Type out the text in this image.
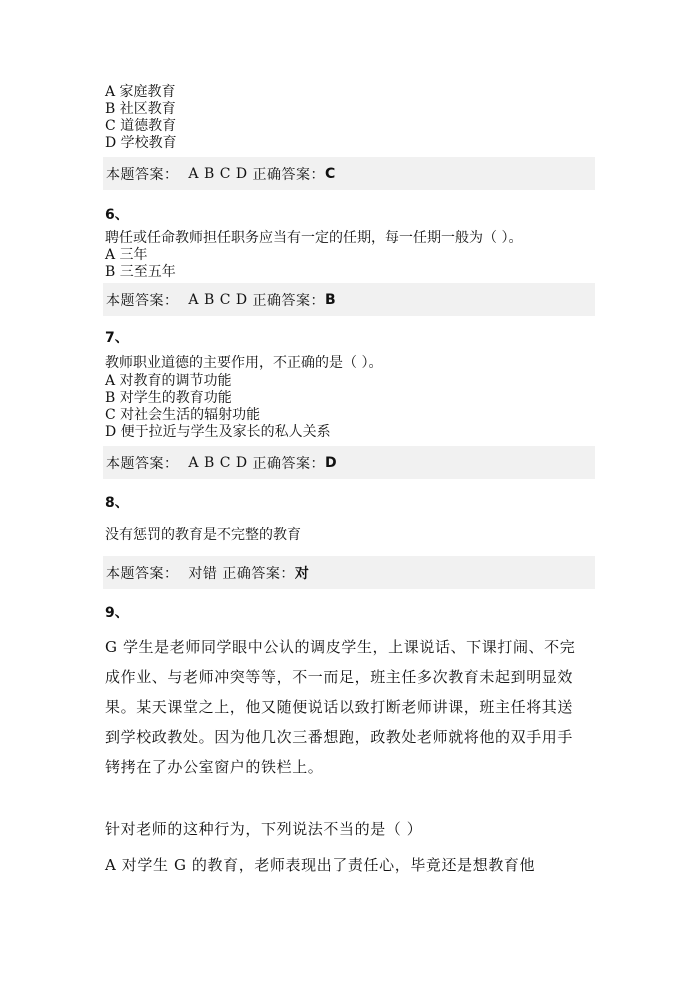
A 家庭教育
B 社区教育
C 道德教育
D 学校教育
本题答案：
A B C D
正确答案： C
6、
聘任或任命教师担任职务应当有一定的任期，每一任期一般为（ ）。
A 三年
B 三至五年
本题答案：
A B C D
正确答案： B
7、
教师职业道德的主要作用，不正确的是（ ）。
A 对教育的调节功能
B 对学生的教育功能
C 对社会生活的辐射功能
D 便于拉近与学生及家长的私人关系
本题答案：
A B C D
正确答案： D
8、
没有惩罚的教育是不完整的教育
本题答案：
对错
正确答案： 对
9、
G 学生是老师同学眼中公认的调皮学生，上课说话、下课打闹、不完
成作业、与老师冲突等等，不一而足，班主任多次教育未起到明显效
果。某天课堂之上，他又随便说话以致打断老师讲课，班主任将其送
到学校政教处。因为他几次三番想跑，政教处老师就将他的双手用手
铐拷在了办公室窗户的铁栏上。
针对老师的这种行为，下列说法不当的是（ ）
A 对学生 G 的教育，老师表现出了责任心，毕竟还是想教育他
